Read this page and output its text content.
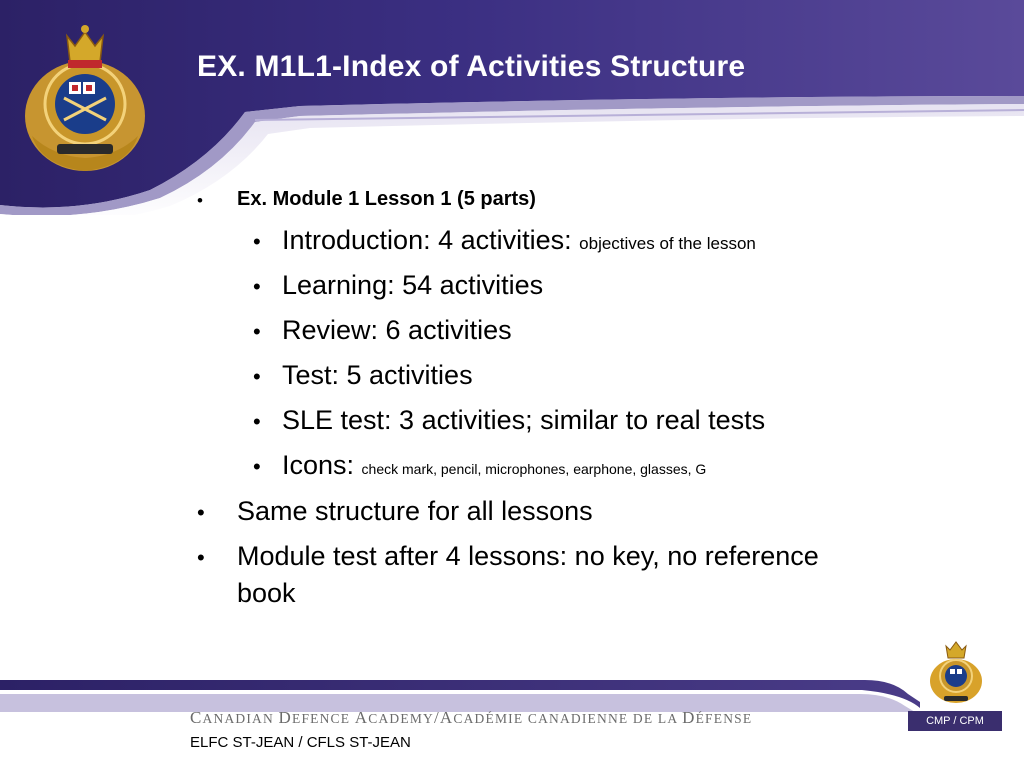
EX. M1L1-Index of Activities Structure
• Ex. Module 1 Lesson 1 (5 parts)
• Introduction: 4 activities: objectives of the lesson
• Learning: 54 activities
• Review: 6 activities
• Test: 5 activities
• SLE test: 3 activities; similar to real tests
• Icons: check mark, pencil, microphones, earphone, glasses, G
• Same structure for all lessons
• Module test after 4 lessons: no key, no reference
book
CANADIAN DEFENCE ACADEMY/ACADÉMIE CANADIENNE DE LA DÉFENSE
ELFC ST-JEAN / CFLS ST-JEAN
CMP / CPM
